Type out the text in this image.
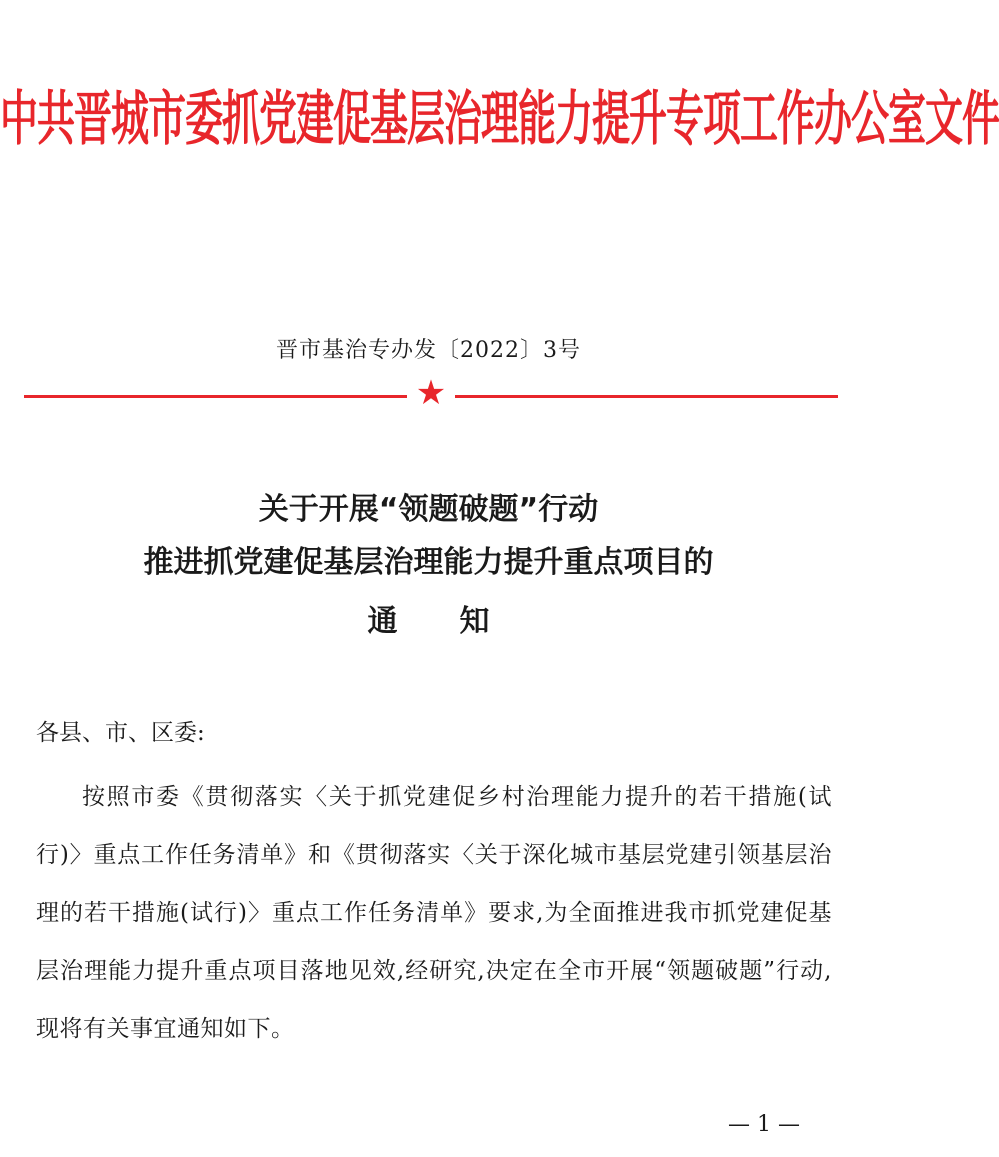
中共晋城市委抓党建促基层治理能力提升专项工作办公室文件
晋市基治专办发〔2022〕3号
★
关于开展“领题破题”行动
推进抓党建促基层治理能力提升重点项目的
通知
各县、市、区委:
按照市委《贯彻落实〈关于抓党建促乡村治理能力提升的若干措施(试行)〉重点工作任务清单》和《贯彻落实〈关于深化城市基层党建引领基层治理的若干措施(试行)〉重点工作任务清单》要求,为全面推进我市抓党建促基层治理能力提升重点项目落地见效,经研究,决定在全市开展“领题破题”行动,现将有关事宜通知如下。
— 1 —
